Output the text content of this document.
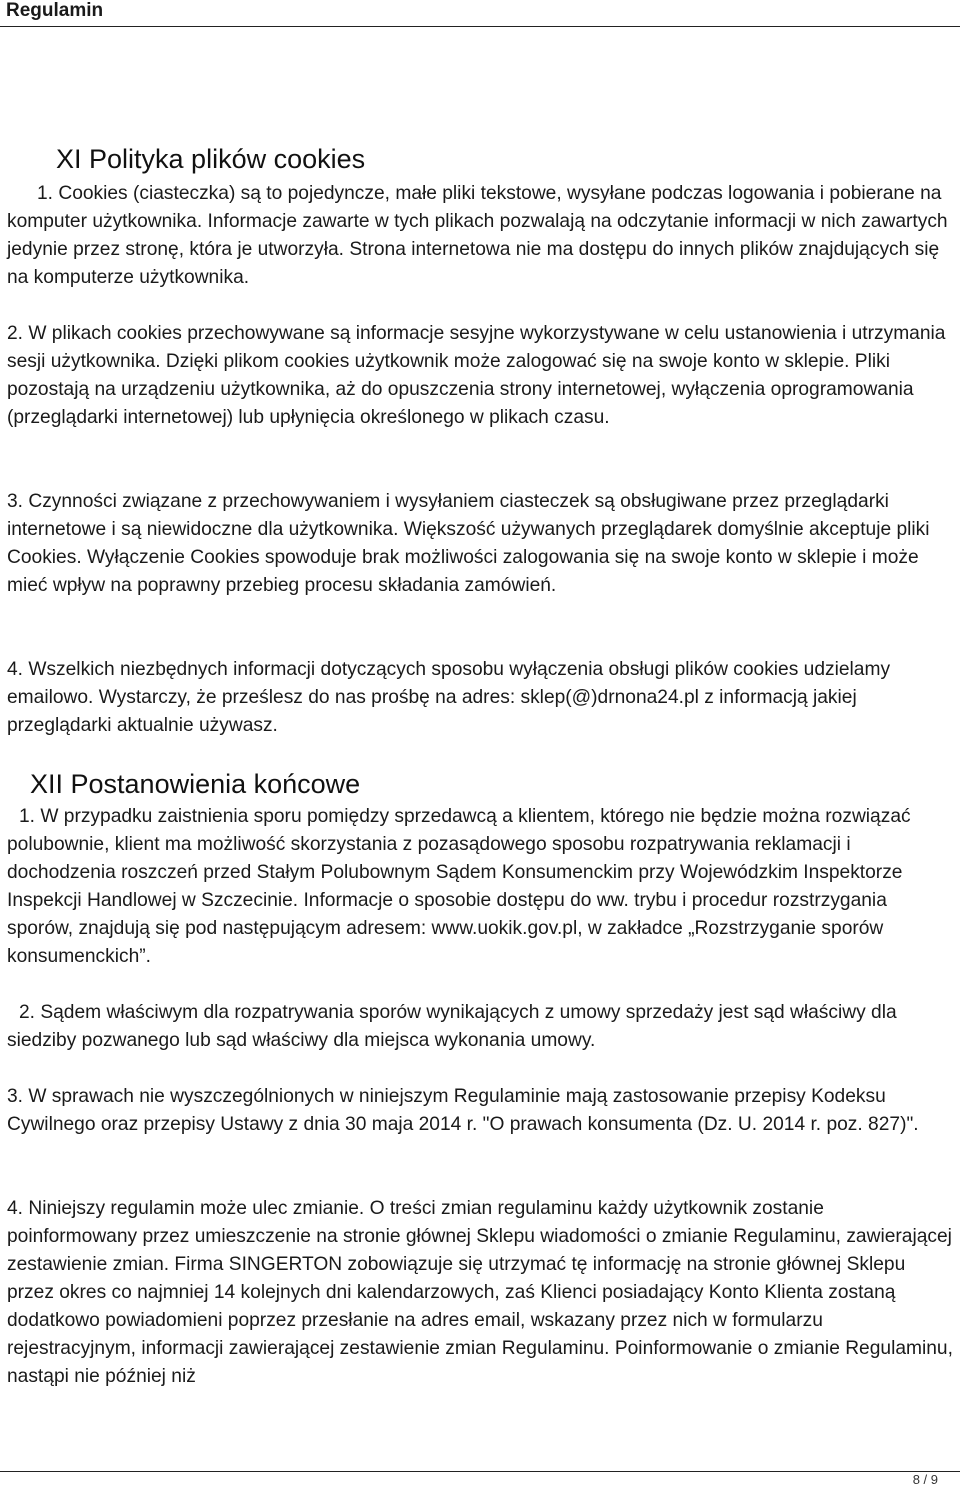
Regulamin
XI Polityka plików cookies

1. Cookies (ciasteczka) są to pojedyncze, małe pliki tekstowe, wysyłane podczas logowania i pobierane na komputer użytkownika. Informacje zawarte w tych plikach pozwalają na odczytanie informacji w nich zawartych jedynie przez stronę, która je utworzyła. Strona internetowa nie ma dostępu do innych plików znajdujących się na komputerze użytkownika.

2. W plikach cookies przechowywane są informacje sesyjne wykorzystywane w celu ustanowienia i utrzymania sesji użytkownika. Dzięki plikom cookies użytkownik może zalogować się na swoje konto w sklepie. Pliki pozostają na urządzeniu użytkownika, aż do opuszczenia strony internetowej, wyłączenia oprogramowania (przeglądarki internetowej) lub upłynięcia określonego w plikach czasu.

3. Czynności związane z przechowywaniem i wysyłaniem ciasteczek są obsługiwane przez przeglądarki internetowe i są niewidoczne dla użytkownika. Większość używanych przeglądarek domyślnie akceptuje pliki Cookies. Wyłączenie Cookies spowoduje brak możliwości zalogowania się na swoje konto w sklepie i może mieć wpływ na poprawny przebieg procesu składania zamówień.

4. Wszelkich niezbędnych informacji dotyczących sposobu wyłączenia obsługi plików cookies udzielamy emailowo. Wystarczy, że prześlesz do nas prośbę na adres: sklep(@)drnona24.pl z informacją jakiej przeglądarki aktualnie używasz.

XII Postanowienia końcowe

1. W przypadku zaistnienia sporu pomiędzy sprzedawcą a klientem, którego nie będzie można rozwiązać polubownie, klient ma możliwość skorzystania z pozasądowego sposobu rozpatrywania reklamacji i dochodzenia roszczeń przed Stałym Polubownym Sądem Konsumenckim przy Wojewódzkim Inspektorze Inspekcji Handlowej w Szczecinie. Informacje o sposobie dostępu do ww. trybu i procedur rozstrzygania sporów, znajdują się pod następującym adresem: www.uokik.gov.pl, w zakładce „Rozstrzyganie sporów konsumenckich”.

2. Sądem właściwym dla rozpatrywania sporów wynikających z umowy sprzedaży jest sąd właściwy dla siedziby pozwanego lub sąd właściwy dla miejsca wykonania umowy.

3. W sprawach nie wyszczególnionych w niniejszym Regulaminie mają zastosowanie przepisy Kodeksu Cywilnego oraz przepisy Ustawy z dnia 30 maja 2014 r. "O prawach konsumenta (Dz. U. 2014 r. poz. 827)".

4. Niniejszy regulamin może ulec zmianie. O treści zmian regulaminu każdy użytkownik zostanie poinformowany przez umieszczenie na stronie głównej Sklepu wiadomości o zmianie Regulaminu, zawierającej zestawienie zmian. Firma SINGERTON zobowiązuje się utrzymać tę informację na stronie głównej Sklepu przez okres co najmniej 14 kolejnych dni kalendarzowych, zaś Klienci posiadający Konto Klienta zostaną dodatkowo powiadomieni poprzez przesłanie na adres email, wskazany przez nich w formularzu rejestracyjnym, informacji zawierającej zestawienie zmian Regulaminu. Poinformowanie o zmianie Regulaminu, nastąpi nie później niż

8 / 9
